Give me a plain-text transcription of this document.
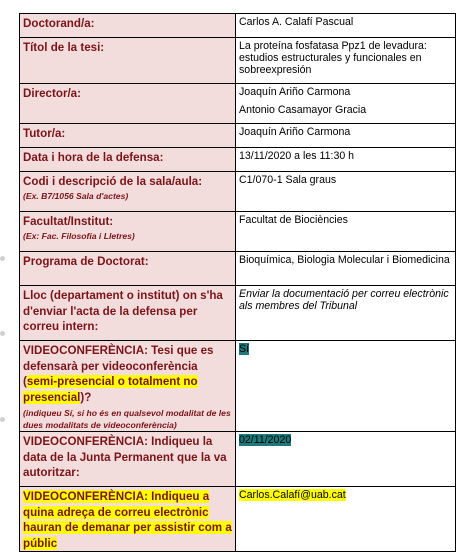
Doctorand/a:	Carlos A. Calafí Pascual

Títol de la tesi:	La proteína fosfatasa Ppz1 de levadura: estudios estructurales y funcionales en sobreexpresión

Director/a:	Joaquín Ariño Carmona
Antonio Casamayor Gracia

Tutor/a:	Joaquín Ariño Carmona

Data i hora de la defensa:	13/11/2020 a les 11:30 h

Codi i descripció de la sala/aula:
(Ex. B7/1056 Sala d'actes)	C1/070-1 Sala graus

Facultat/Institut:
(Ex: Fac. Filosofia i Lletres)	Facultat de Biociències

Programa de Doctorat:	Bioquímica, Biologia Molecular i Biomedicina

Lloc (departament o institut) on s'ha d'enviar l'acta de la defensa per correu intern:	Enviar la documentació per correu electrònic als membres del Tribunal

VIDEOCONFERÈNCIA: Tesi que es defensarà per videoconferència (semi-presencial o totalment no presencial)?
(indiqueu Sí, si ho és en qualsevol modalitat de les dues modalitats de videoconferència)	Sí

VIDEOCONFERÈNCIA: Indiqueu la data de la Junta Permanent que la va autoritzar:	02/11/2020

VIDEOCONFERÈNCIA: Indiqueu a quina adreça de correu electrònic hauran de demanar per assistir com a públic	Carlos.Calafí@uab.cat
